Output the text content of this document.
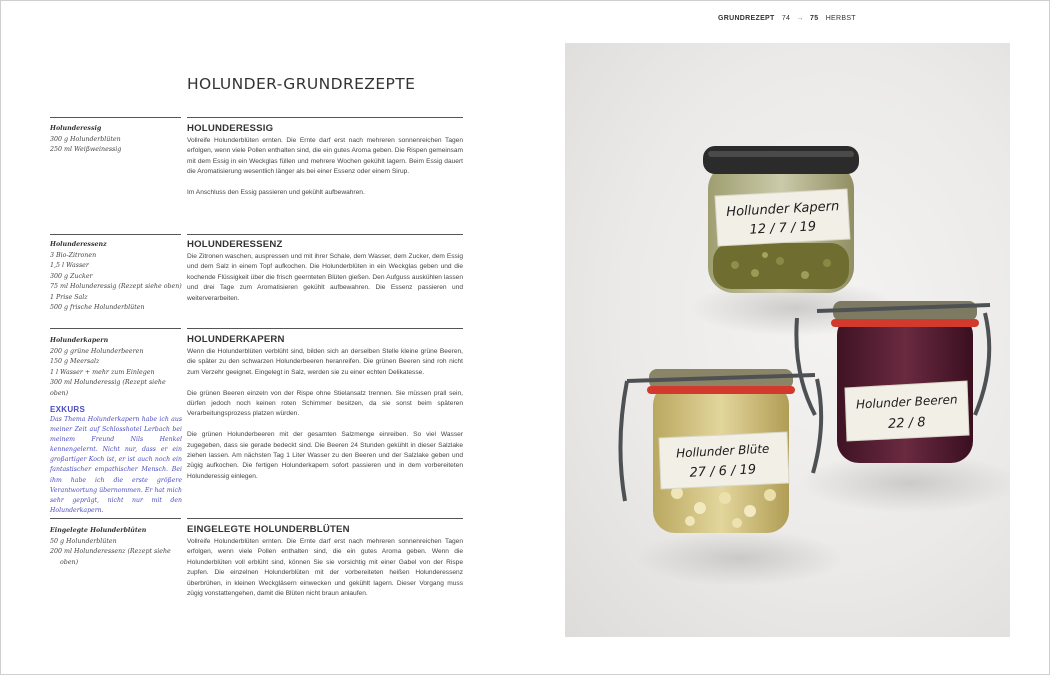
GRUNDREZEPT 74 → 75 HERBST
HOLUNDER-GRUNDREZEPTE
Holunderessig
300 g Holunderblüten
250 ml Weißweinessig
Holunderessenz
3 Bio-Zitronen
1,5 l Wasser
300 g Zucker
75 ml Holunderessig (Rezept siehe oben)
1 Prise Salz
500 g frische Holunderblüten
Holunderkapern
200 g grüne Holunderbeeren
150 g Meersalz
1 l Wasser + mehr zum Einlegen
300 ml Holunderessig (Rezept siehe oben)
EXKURS
Das Thema Holunderkapern habe ich aus meiner Zeit auf Schlosshotel Lerbach bei meinem Freund Nils Henkel kennengelernt. Nicht nur, dass er ein großartiger Koch ist, er ist auch noch ein fantastischer empathischer Mensch. Bei ihm habe ich die erste größere Verantwortung übernommen. Er hat mich sehr geprägt, nicht nur mit den Holunderkapern.
Eingelegte Holunderblüten
50 g Holunderblüten
200 ml Holunderessenz (Rezept siehe
oben)
HOLUNDERESSIG

Vollreife Holunderblüten ernten. Die Ernte darf erst nach mehreren sonnenreichen Tagen erfolgen, wenn viele Pollen enthalten sind, die ein gutes Aroma geben. Die Rispen gemeinsam mit dem Essig in ein Weckglas füllen und mehrere Wochen gekühlt lagern. Beim Essig dauert die Aromatisierung wesentlich länger als bei einer Essenz oder einem Sirup.

Im Anschluss den Essig passieren und gekühlt aufbewahren.

HOLUNDERESSENZ

Die Zitronen waschen, auspressen und mit ihrer Schale, dem Wasser, dem Zucker, dem Essig und dem Salz in einem Topf aufkochen. Die Holunderblüten in ein Weckglas geben und die kochende Flüssigkeit über die frisch geernteten Blüten gießen. Den Aufguss auskühlen lassen und drei Tage zum Aromatisieren gekühlt aufbewahren. Die Essenz passieren und weiterverarbeiten.

HOLUNDERKAPERN

Wenn die Holunderblüten verblüht sind, bilden sich an derselben Stelle kleine grüne Beeren, die später zu den schwarzen Holunderbeeren heranreifen. Die grünen Beeren sind roh nicht zum Verzehr geeignet. Eingelegt in Salz, werden sie zu einer echten Delikatesse.

Die grünen Beeren einzeln von der Rispe ohne Stielansatz trennen. Sie müssen prall sein, dürfen jedoch noch keinen roten Schimmer besitzen, da sie sonst beim späteren Verarbeitungsprozess platzen würden.

Die grünen Holunderbeeren mit der gesamten Salzmenge einreiben. So viel Wasser zugegeben, dass sie gerade bedeckt sind. Die Beeren 24 Stunden gekühlt in dieser Salzlake ziehen lassen. Am nächsten Tag 1 Liter Wasser zu den Beeren und der Salzlake geben und zügig aufkochen. Die fertigen Holunderkapern sofort passieren und in dem vorbereiteten Holunderessig einlegen.

EINGELEGTE HOLUNDERBLÜTEN

Vollreife Holunderblüten ernten. Die Ernte darf erst nach mehreren sonnenreichen Tagen erfolgen, wenn viele Pollen enthalten sind, die ein gutes Aroma geben. Wenn die Holunderblüten voll erblüht sind, können Sie sie vorsichtig mit einer Gabel von der Rispe zupfen. Die einzelnen Holunderblüten mit der vorbereiteten heißen Holunderessenz überbrühen, in kleinen Weckgläsern einwecken und gekühlt lagern. Dieser Vorgang muss zügig vonstattengehen, damit die Blüten nicht braun anlaufen.

Hollunder Kapern
12 / 7 / 19
Holunder Beeren
22 / 8
Hollunder Blüte
27 / 6 / 19
